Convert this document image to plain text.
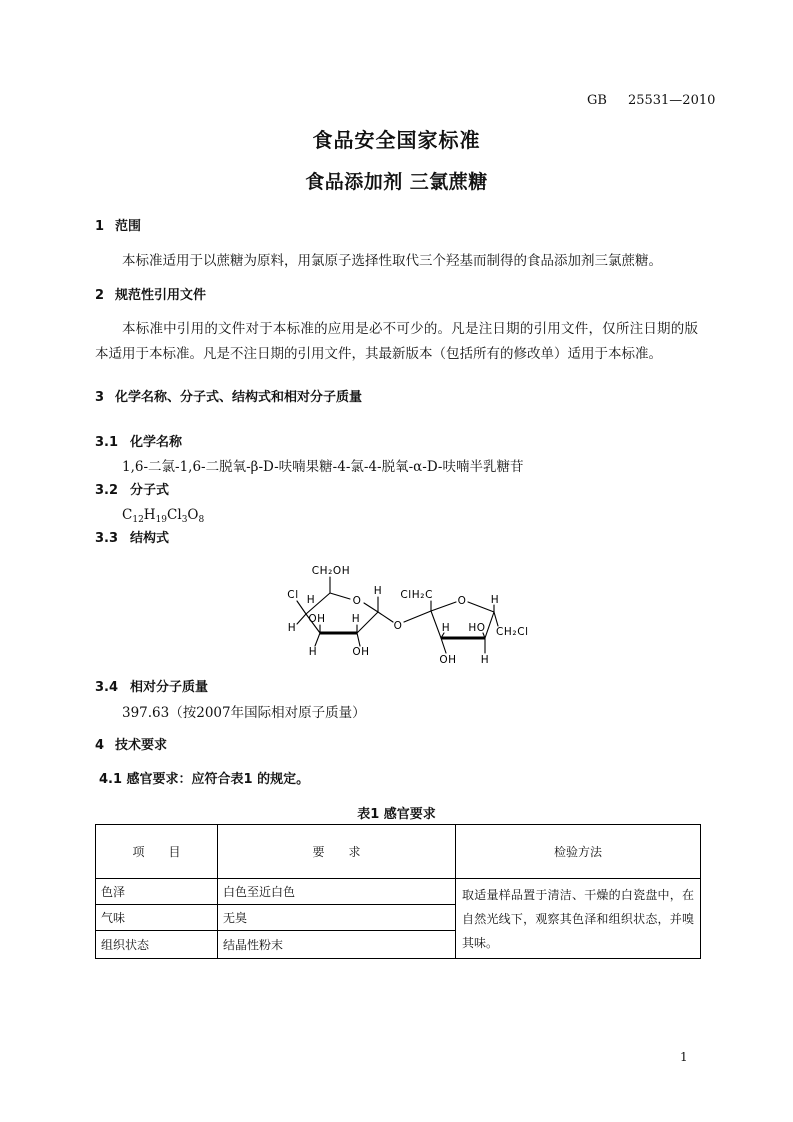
GB 25531—2010
食品安全国家标准
食品添加剂 三氯蔗糖
1 范围

本标准适用于以蔗糖为原料，用氯原子选择性取代三个羟基而制得的食品添加剂三氯蔗糖。

2 规范性引用文件

本标准中引用的文件对于本标准的应用是必不可少的。凡是注日期的引用文件，仅所注日期的版本适用于本标准。凡是不注日期的引用文件，其最新版本（包括所有的修改单）适用于本标准。

3 化学名称、分子式、结构式和相对分子质量
3.1 化学名称
1,6-二氯-1,6-二脱氧-β-D-呋喃果糖-4-氯-4-脱氧-α-D-呋喃半乳糖苷
3.2 分子式
$C_{12}H_{19}Cl_3O_8$
3.3 结构式
CH₂OH
H
Cl
H
O
H
OH
H
H
OH
O
ClH₂C O H
H
OH
HO
H
CH₂Cl
3.4 相对分子质量
397.63（按2007年国际相对原子质量）
4 技术要求
4.1 感官要求：应符合表1 的规定。
表1 感官要求
项　　目	要　　求	检验方法
色泽	白色至近白色	取适量样品置于清洁、干燥的白瓷盘中，在自然光线下，观察其色泽和组织状态，并嗅其味。
气味	无臭	
组织状态	结晶性粉末	
1
